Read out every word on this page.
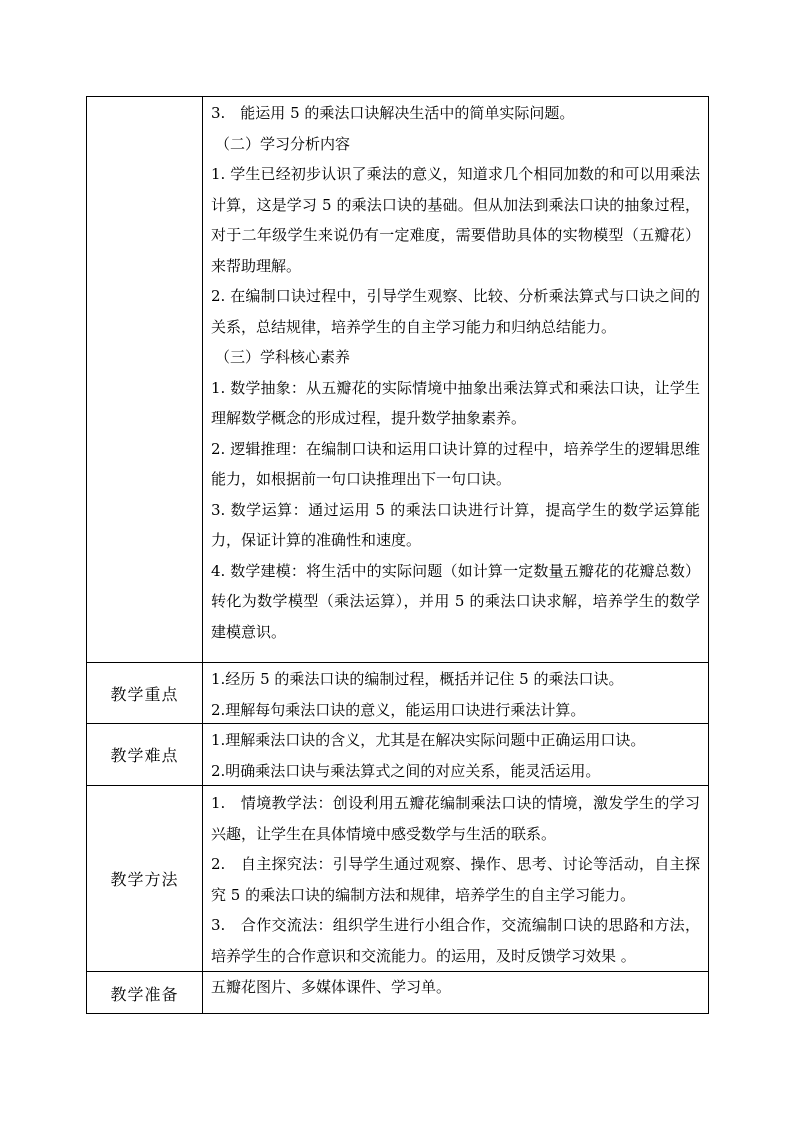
3.　能运用 5 的乘法口诀解决生活中的简单实际问题。

（二）学习分析内容

1. 学生已经初步认识了乘法的意义，知道求几个相同加数的和可以用乘法计算，这是学习 5 的乘法口诀的基础。但从加法到乘法口诀的抽象过程，对于二年级学生来说仍有一定难度，需要借助具体的实物模型（五瓣花）来帮助理解。

2. 在编制口诀过程中，引导学生观察、比较、分析乘法算式与口诀之间的关系，总结规律，培养学生的自主学习能力和归纳总结能力。

（三）学科核心素养

1. 数学抽象：从五瓣花的实际情境中抽象出乘法算式和乘法口诀，让学生理解数学概念的形成过程，提升数学抽象素养。

2. 逻辑推理：在编制口诀和运用口诀计算的过程中，培养学生的逻辑思维能力，如根据前一句口诀推理出下一句口诀。

3. 数学运算：通过运用 5 的乘法口诀进行计算，提高学生的数学运算能力，保证计算的准确性和速度。

4. 数学建模：将生活中的实际问题（如计算一定数量五瓣花的花瓣总数）转化为数学模型（乘法运算），并用 5 的乘法口诀求解，培养学生的数学建模意识。

教学重点

1.经历 5 的乘法口诀的编制过程，概括并记住 5 的乘法口诀。

2.理解每句乘法口诀的意义，能运用口诀进行乘法计算。

教学难点

1.理解乘法口诀的含义，尤其是在解决实际问题中正确运用口诀。

2.明确乘法口诀与乘法算式之间的对应关系，能灵活运用。

教学方法

1.　情境教学法：创设利用五瓣花编制乘法口诀的情境，激发学生的学习兴趣，让学生在具体情境中感受数学与生活的联系。

2.　自主探究法：引导学生通过观察、操作、思考、讨论等活动，自主探究 5 的乘法口诀的编制方法和规律，培养学生的自主学习能力。

3.　合作交流法：组织学生进行小组合作，交流编制口诀的思路和方法，培养学生的合作意识和交流能力。的运用，及时反馈学习效果 。

教学准备	五瓣花图片、多媒体课件、学习单。
